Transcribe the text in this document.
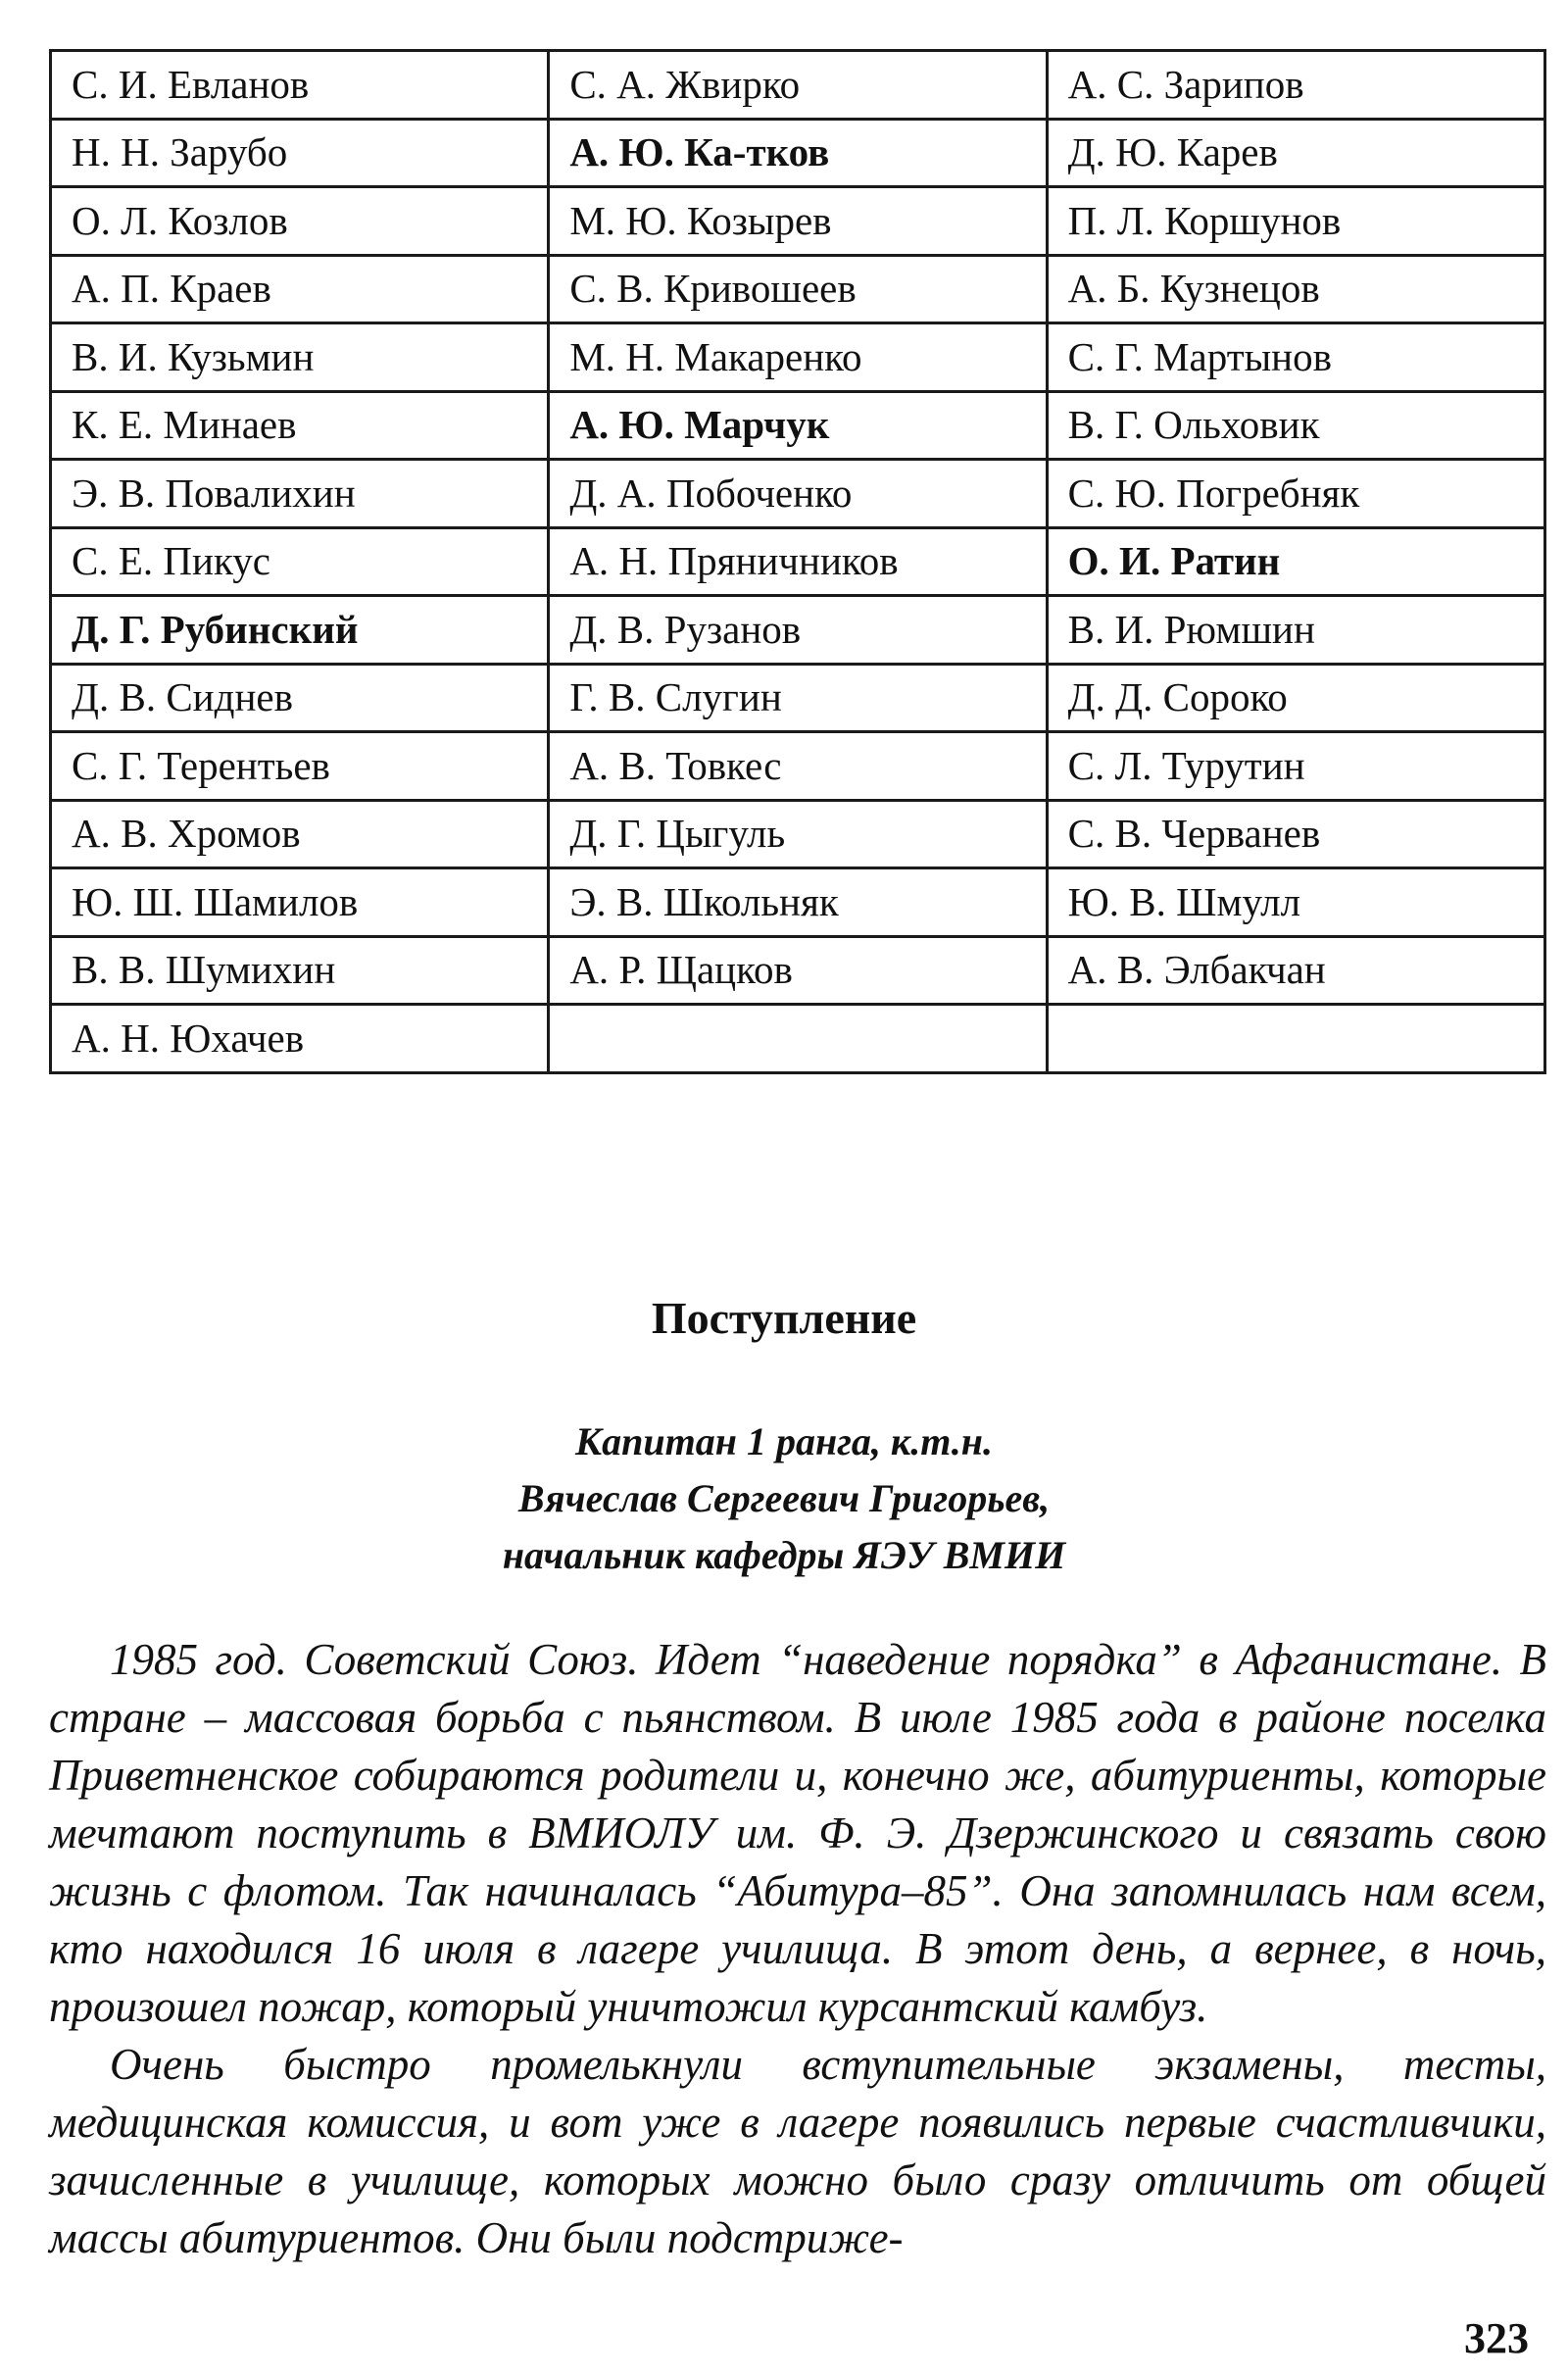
С. И. Евланов	С. А. Жвирко	А. С. Зарипов
Н. Н. Зарубо	А. Ю. Ка-тков	Д. Ю. Карев
О. Л. Козлов	М. Ю. Козырев	П. Л. Коршунов
А. П. Краев	С. В. Кривошеев	А. Б. Кузнецов
В. И. Кузьмин	М. Н. Макаренко	С. Г. Мартынов
К. Е. Минаев	А. Ю. Марчук	В. Г. Ольховик
Э. В. Повалихин	Д. А. Побоченко	С. Ю. Погребняк
С. Е. Пикус	А. Н. Пряничников	О. И. Ратин
Д. Г. Рубинский	Д. В. Рузанов	В. И. Рюмшин
Д. В. Сиднев	Г. В. Слугин	Д. Д. Сороко
С. Г. Терентьев	А. В. Товкес	С. Л. Турутин
А. В. Хромов	Д. Г. Цыгуль	С. В. Черванев
Ю. Ш. Шамилов	Э. В. Школьняк	Ю. В. Шмулл
В. В. Шумихин	А. Р. Щацков	А. В. Элбакчан
А. Н. Юхачев		
Поступление
Капитан 1 ранга, к.т.н.
Вячеслав Сергеевич Григорьев,
начальник кафедры ЯЭУ ВМИИ

1985 год. Советский Союз. Идет “наведение порядка” в Афганистане. В стране – массовая борьба с пьянством. В июле 1985 года в районе поселка Приветненское собираются родители и, конечно же, абитуриенты, которые мечтают поступить в ВМИОЛУ им. Ф. Э. Дзержинского и связать свою жизнь с флотом. Так начиналась “Абитура–85”. Она запомнилась нам всем, кто находился 16 июля в лагере училища. В этот день, а вернее, в ночь, произошел пожар, который уничтожил курсантский камбуз.

Очень быстро промелькнули вступительные экзамены, тесты, медицинская комиссия, и вот уже в лагере появились первые счастливчики, зачисленные в училище, которых можно было сразу отличить от общей массы абитуриентов. Они были подстриже-

323
